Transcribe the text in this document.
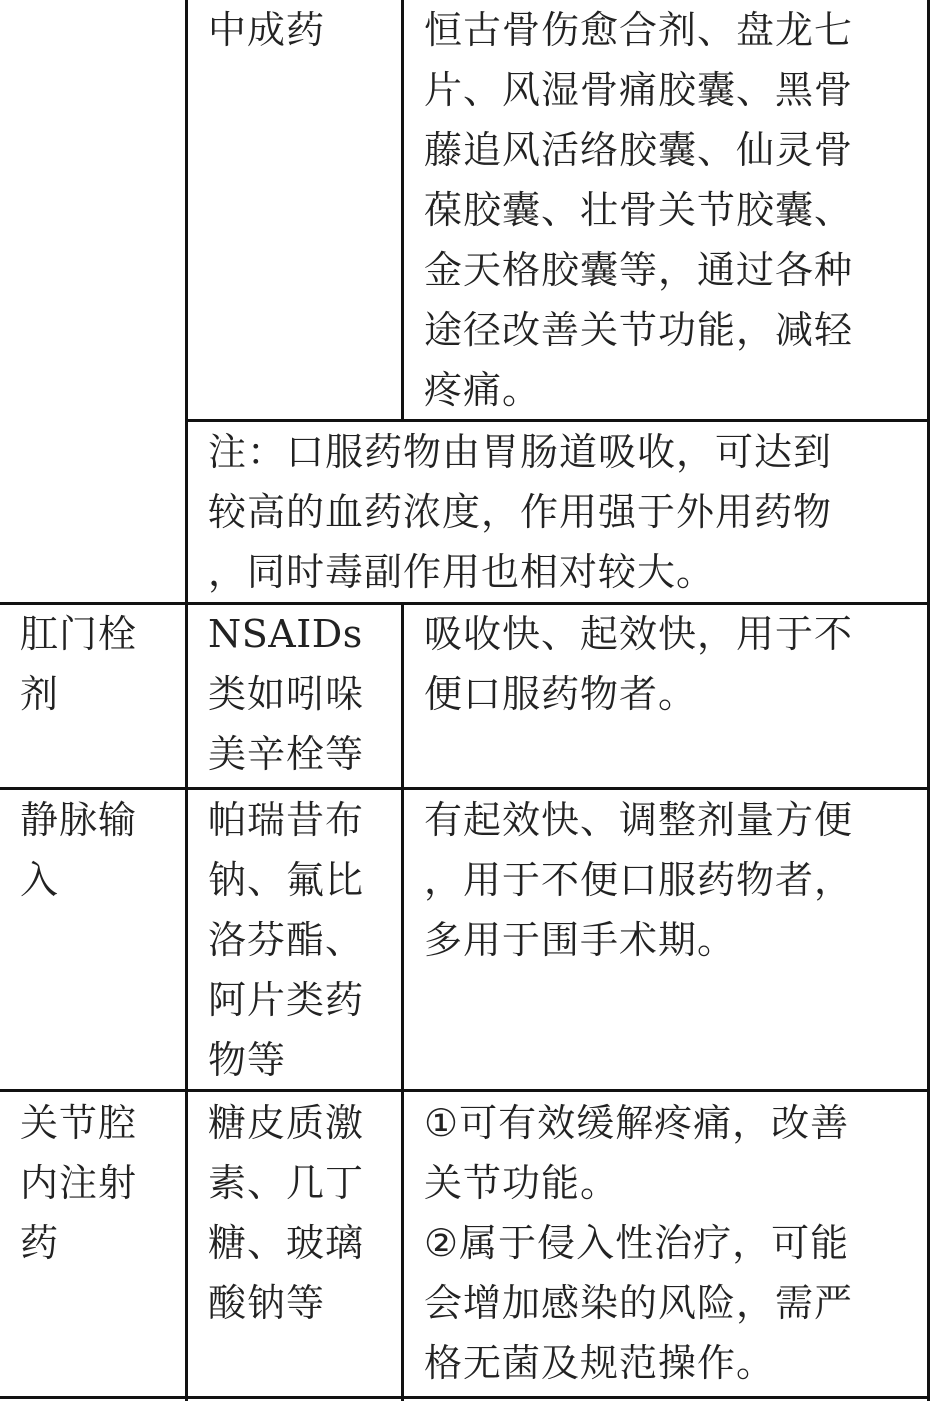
中成药	恒古骨伤愈合剂、盘龙七
片、风湿骨痛胶囊、黑骨
藤追风活络胶囊、仙灵骨
葆胶囊、壮骨关节胶囊、
金天格胶囊等，通过各种
途径改善关节功能，减轻
疼痛。
注：口服药物由胃肠道吸收，可达到
较高的血药浓度，作用强于外用药物
，同时毒副作用也相对较大。
肛门栓
剂
NSAIDs
类如吲哚
美辛栓等
吸收快、起效快，用于不
便口服药物者。
静脉输
入
帕瑞昔布
钠、氟比
洛芬酯、
阿片类药
物等
有起效快、调整剂量方便
，用于不便口服药物者，
多用于围手术期。
关节腔
内注射
药
糖皮质激
素、几丁
糖、玻璃
酸钠等
①可有效缓解疼痛，改善
关节功能。
②属于侵入性治疗，可能
会增加感染的风险，需严
格无菌及规范操作。
